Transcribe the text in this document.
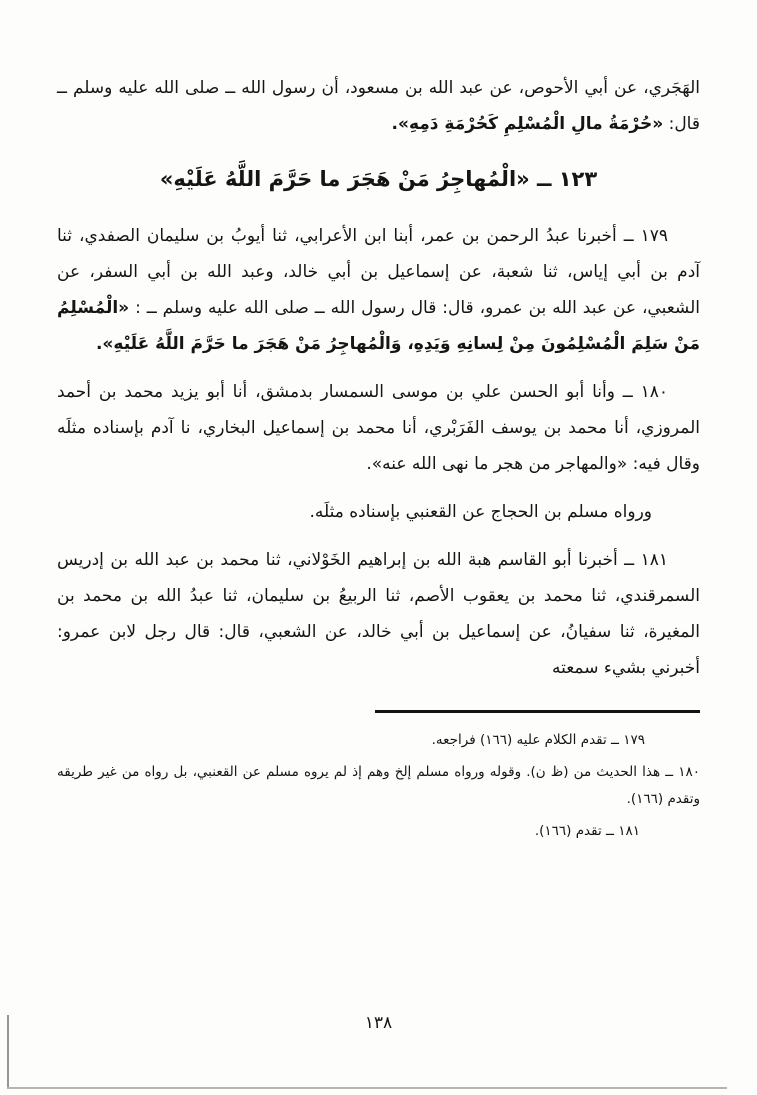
الهَجَري، عن أبي الأحوص، عن عبد الله بن مسعود، أن رسول الله ــ صلى الله عليه وسلم ــ قال: «حُرْمَةُ مالِ الْمُسْلِمِ كَحُرْمَةِ دَمِهِ».

١٢٣ ــ «الْمُهاجِرُ مَنْ هَجَرَ ما حَرَّمَ اللَّهُ عَلَيْهِ»

١٧٩ ــ أخبرنا عبدُ الرحمن بن عمر، أبنا ابن الأعرابي، ثنا أيوبُ بن سليمان الصفدي، ثنا آدم بن أبي إياس، ثنا شعبة، عن إسماعيل بن أبي خالد، وعبد الله بن أبي السفر، عن الشعبي، عن عبد الله بن عمرو، قال: قال رسول الله ــ صلى الله عليه وسلم ــ : «الْمُسْلِمُ مَنْ سَلِمَ الْمُسْلِمُونَ مِنْ لِسانِهِ وَيَدِهِ، وَالْمُهاجِرُ مَنْ هَجَرَ ما حَرَّمَ اللَّهُ عَلَيْهِ».

١٨٠ ــ وأنا أبو الحسن علي بن موسى السمسار بدمشق، أنا أبو يزيد محمد بن أحمد المروزي، أنا محمد بن يوسف الفَرَبْري، أنا محمد بن إسماعيل البخاري، نا آدم بإسناده مثلَه وقال فيه: «والمهاجر من هجر ما نهى الله عنه».

ورواه مسلم بن الحجاج عن القعنبي بإسناده مثلَه.

١٨١ ــ أخبرنا أبو القاسم هبة الله بن إبراهيم الخَوْلاني، ثنا محمد بن عبد الله بن إدريس السمرقندي، ثنا محمد بن يعقوب الأصم، ثنا الربيعُ بن سليمان، ثنا عبدُ الله بن محمد بن المغيرة، ثنا سفيانُ، عن إسماعيل بن أبي خالد، عن الشعبي، قال: قال رجل لابن عمرو: أخبرني بشيء سمعته

١٧٩ ــ تقدم الكلام عليه (١٦٦) فراجعه.

١٨٠ ــ هذا الحديث من (ظ ن). وقوله ورواه مسلم إلخ وهم إذ لم يروه مسلم عن القعنبي، بل رواه من غير طريقه وتقدم (١٦٦).

١٨١ ــ تقدم (١٦٦).

١٣٨
